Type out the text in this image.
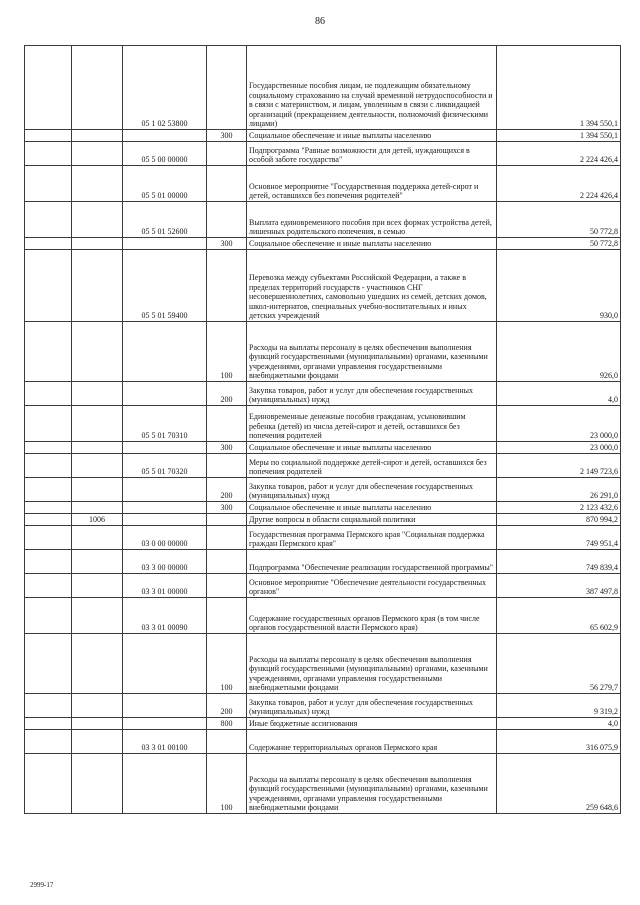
86
		05 1 02 53800		Государственные пособия лицам, не подлежащим обязательному социальному страхованию на случай временной нетрудоспособности и в связи с материнством, и лицам, уволенным в связи с ликвидацией организаций (прекращением деятельности, полномочий физическими лицами)	1 394 550,1
			300	Социальное обеспечение и иные выплаты населению	1 394 550,1
		05 5 00 00000		Подпрограмма "Равные возможности для детей, нуждающихся в особой заботе государства"	2 224 426,4
		05 5 01 00000		Основное мероприятие "Государственная поддержка детей-сирот и детей, оставшихся без попечения родителей"	2 224 426,4
		05 5 01 52600		Выплата единовременного пособия при всех формах устройства детей, лишенных родительского попечения, в семью	50 772,8
			300	Социальное обеспечение и иные выплаты населению	50 772,8
		05 5 01 59400		Перевозка между субъектами Российской Федерации, а также в пределах территорий государств - участников СНГ несовершеннолетних, самовольно ушедших из семей, детских домов, школ-интернатов, специальных учебно-воспитательных и иных детских учреждений	930,0
			100	Расходы на выплаты персоналу в целях обеспечения выполнения функций государственными (муниципальными) органами, казенными учреждениями, органами управления государственными внебюджетными фондами	926,0
			200	Закупка товаров, работ и услуг для обеспечения государственных (муниципальных) нужд	4,0
		05 5 01 70310		Единовременные денежные пособия гражданам, усыновившим ребенка (детей) из числа детей-сирот и детей, оставшихся без попечения родителей	23 000,0
			300	Социальное обеспечение и иные выплаты населению	23 000,0
		05 5 01 70320		Меры по социальной поддержке детей-сирот и детей, оставшихся без попечения родителей	2 149 723,6
			200	Закупка товаров, работ и услуг для обеспечения государственных (муниципальных) нужд	26 291,0
			300	Социальное обеспечение и иные выплаты населению	2 123 432,6
	1006			Другие вопросы в области социальной политики	870 994,2
		03 0 00 00000		Государственная программа Пермского края "Социальная поддержка граждан Пермского края"	749 951,4
		03 3 00 00000		Подпрограмма "Обеспечение реализации государственной программы"	749 839,4
		03 3 01 00000		Основное мероприятие "Обеспечение деятельности государственных органов"	387 497,8
		03 3 01 00090		Содержание государственных органов Пермского края (в том числе органов государственной власти Пермского края)	65 602,9
			100	Расходы на выплаты персоналу в целях обеспечения выполнения функций государственными (муниципальными) органами, казенными учреждениями, органами управления государственными внебюджетными фондами	56 279,7
			200	Закупка товаров, работ и услуг для обеспечения государственных (муниципальных) нужд	9 319,2
			800	Иные бюджетные ассигнования	4,0
		03 3 01 00100		Содержание территориальных органов Пермского края	316 075,9
			100	Расходы на выплаты персоналу в целях обеспечения выполнения функций государственными (муниципальными) органами, казенными учреждениями, органами управления государственными внебюджетными фондами	259 648,6
2999-17
